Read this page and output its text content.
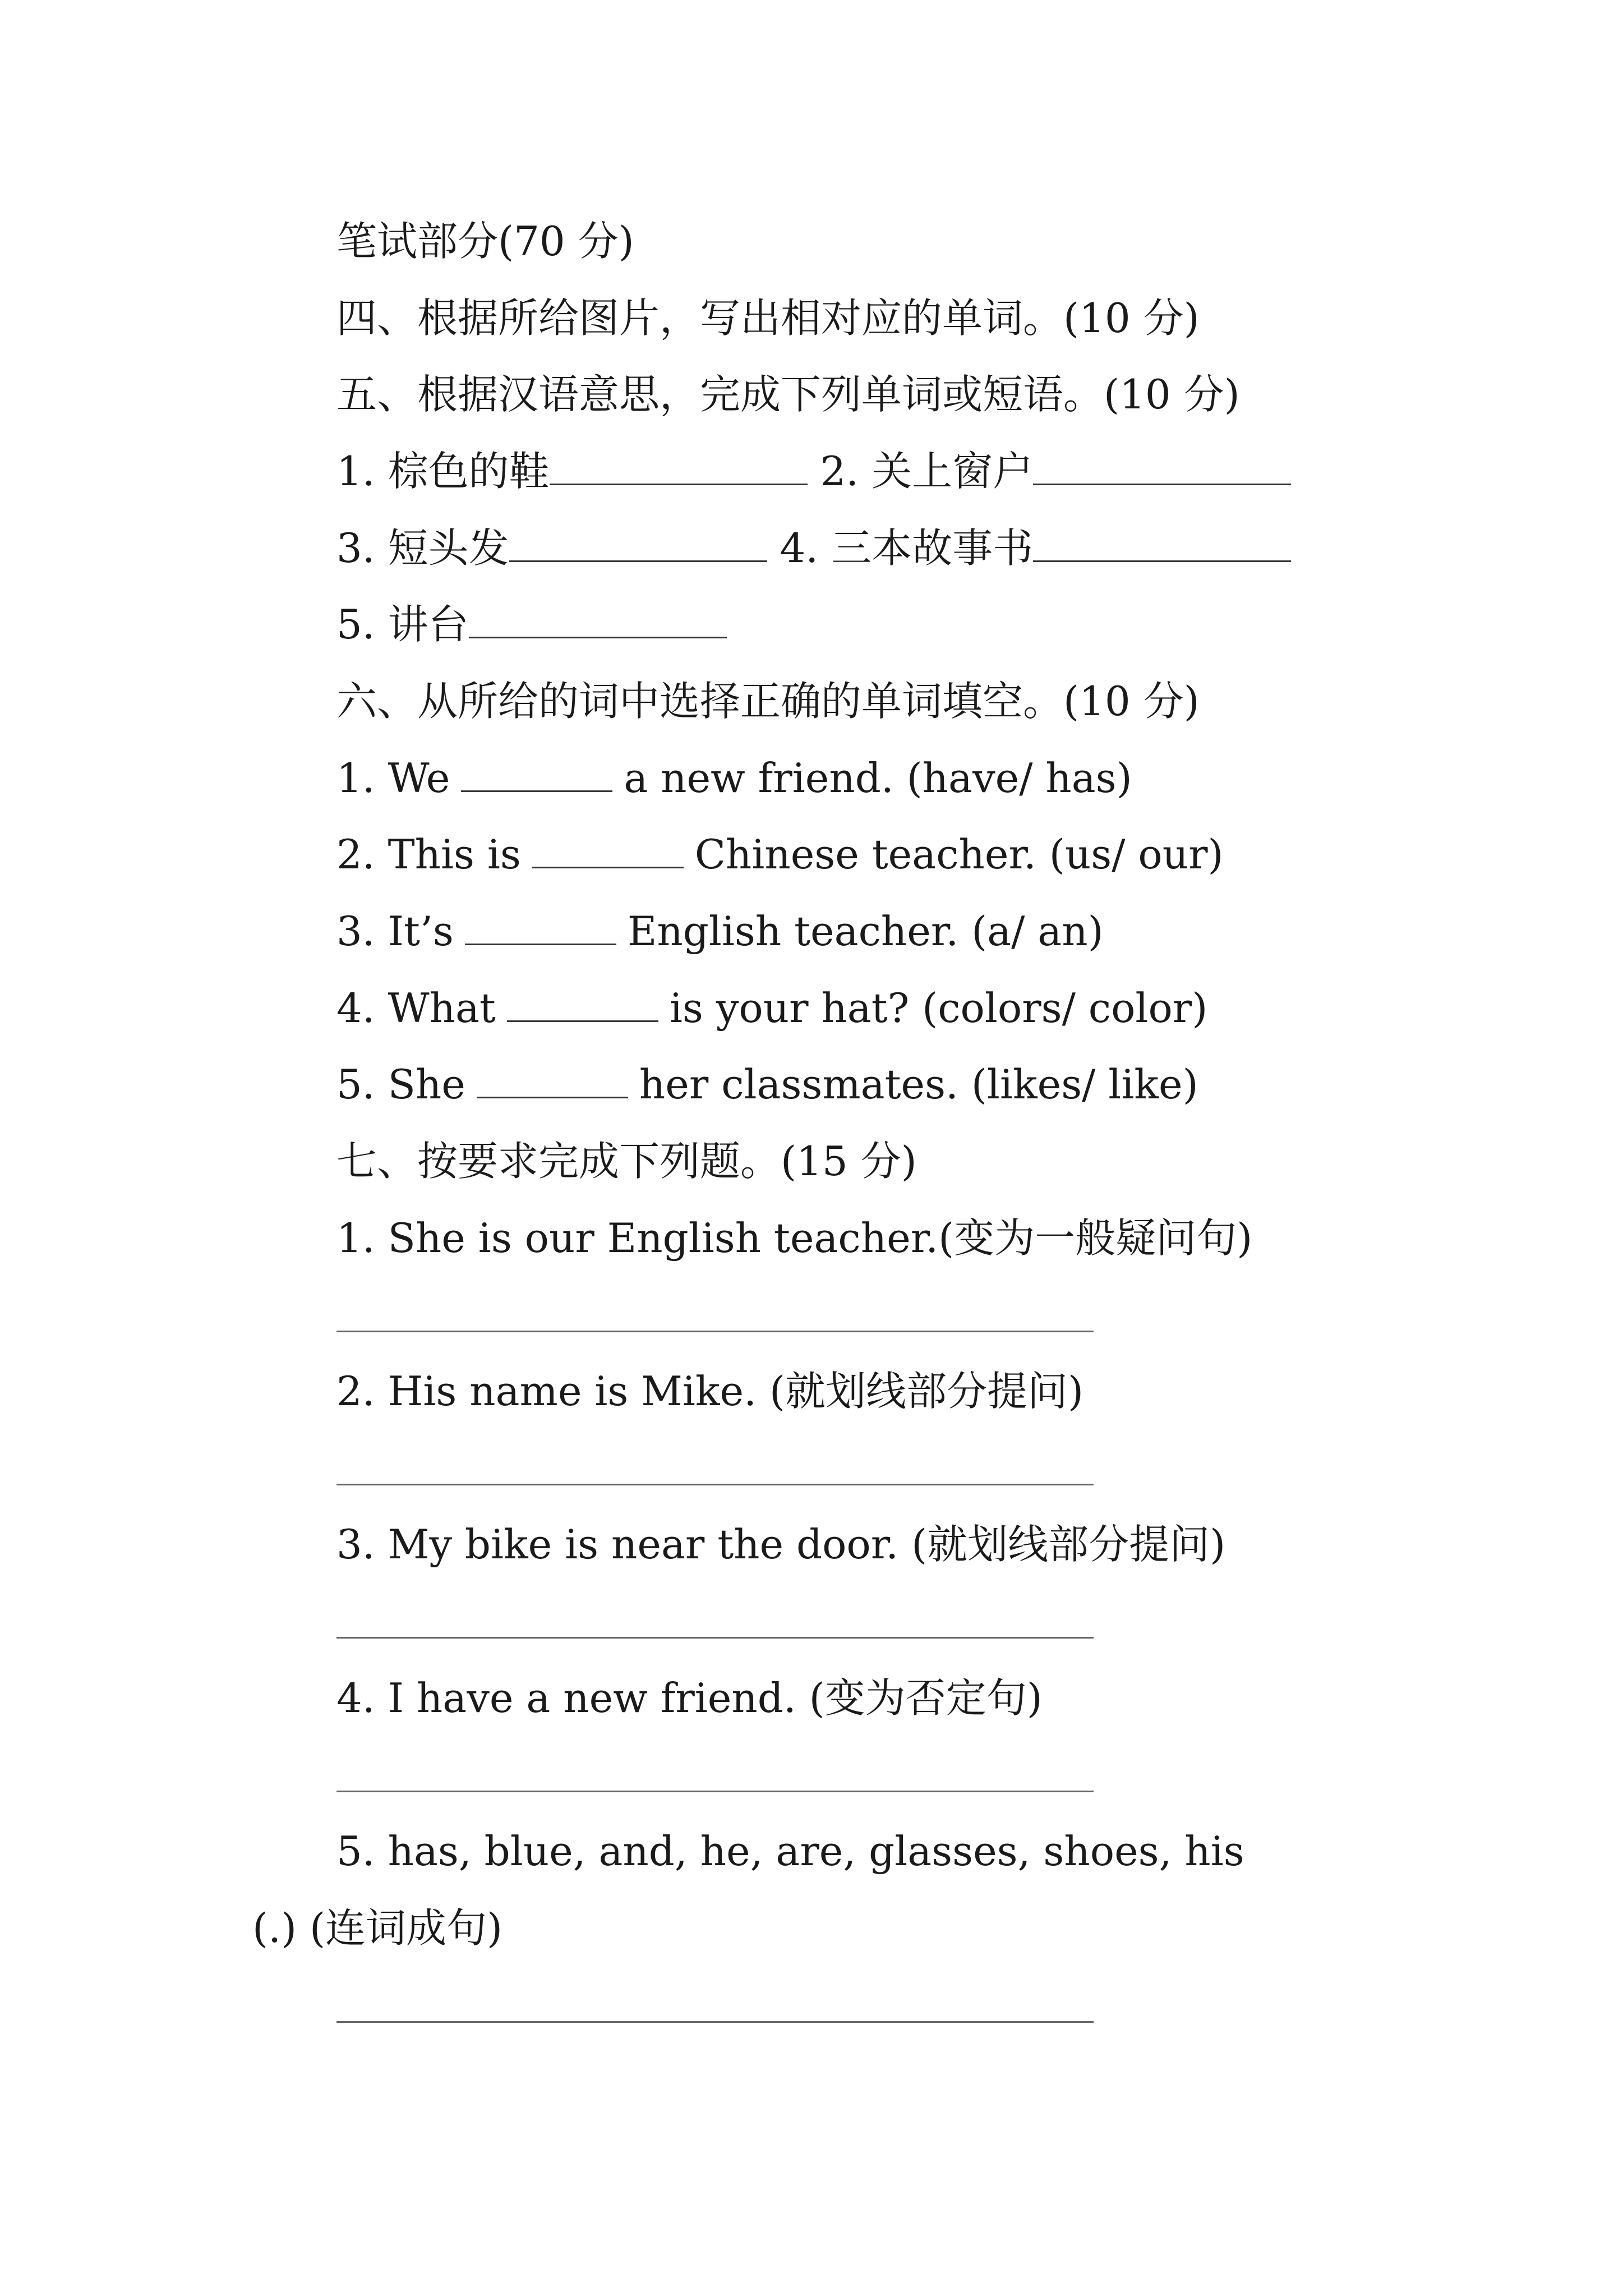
笔试部分(70 分)
四、根据所给图片，写出相对应的单词。(10 分)
五、根据汉语意思，完成下列单词或短语。(10 分)
1. 棕色的鞋	2. 关上窗户
3. 短头发	4. 三本故事书
5. 讲台
六、从所给的词中选择正确的单词填空。(10 分)
1. We	a new friend. (have/ has)
2. This is	Chinese teacher. (us/ our)
3. It’s	English teacher. (a/ an)
4. What	is your hat? (colors/ color)
5. She	her classmates. (likes/ like)
七、按要求完成下列题。(15 分)
1. She is our English teacher.(变为一般疑问句)
2. His name is Mike. (就划线部分提问)
3. My bike is near the door. (就划线部分提问)
4. I have a new friend. (变为否定句)
5. has, blue, and, he, are, glasses, shoes, his
(.) (连词成句)
